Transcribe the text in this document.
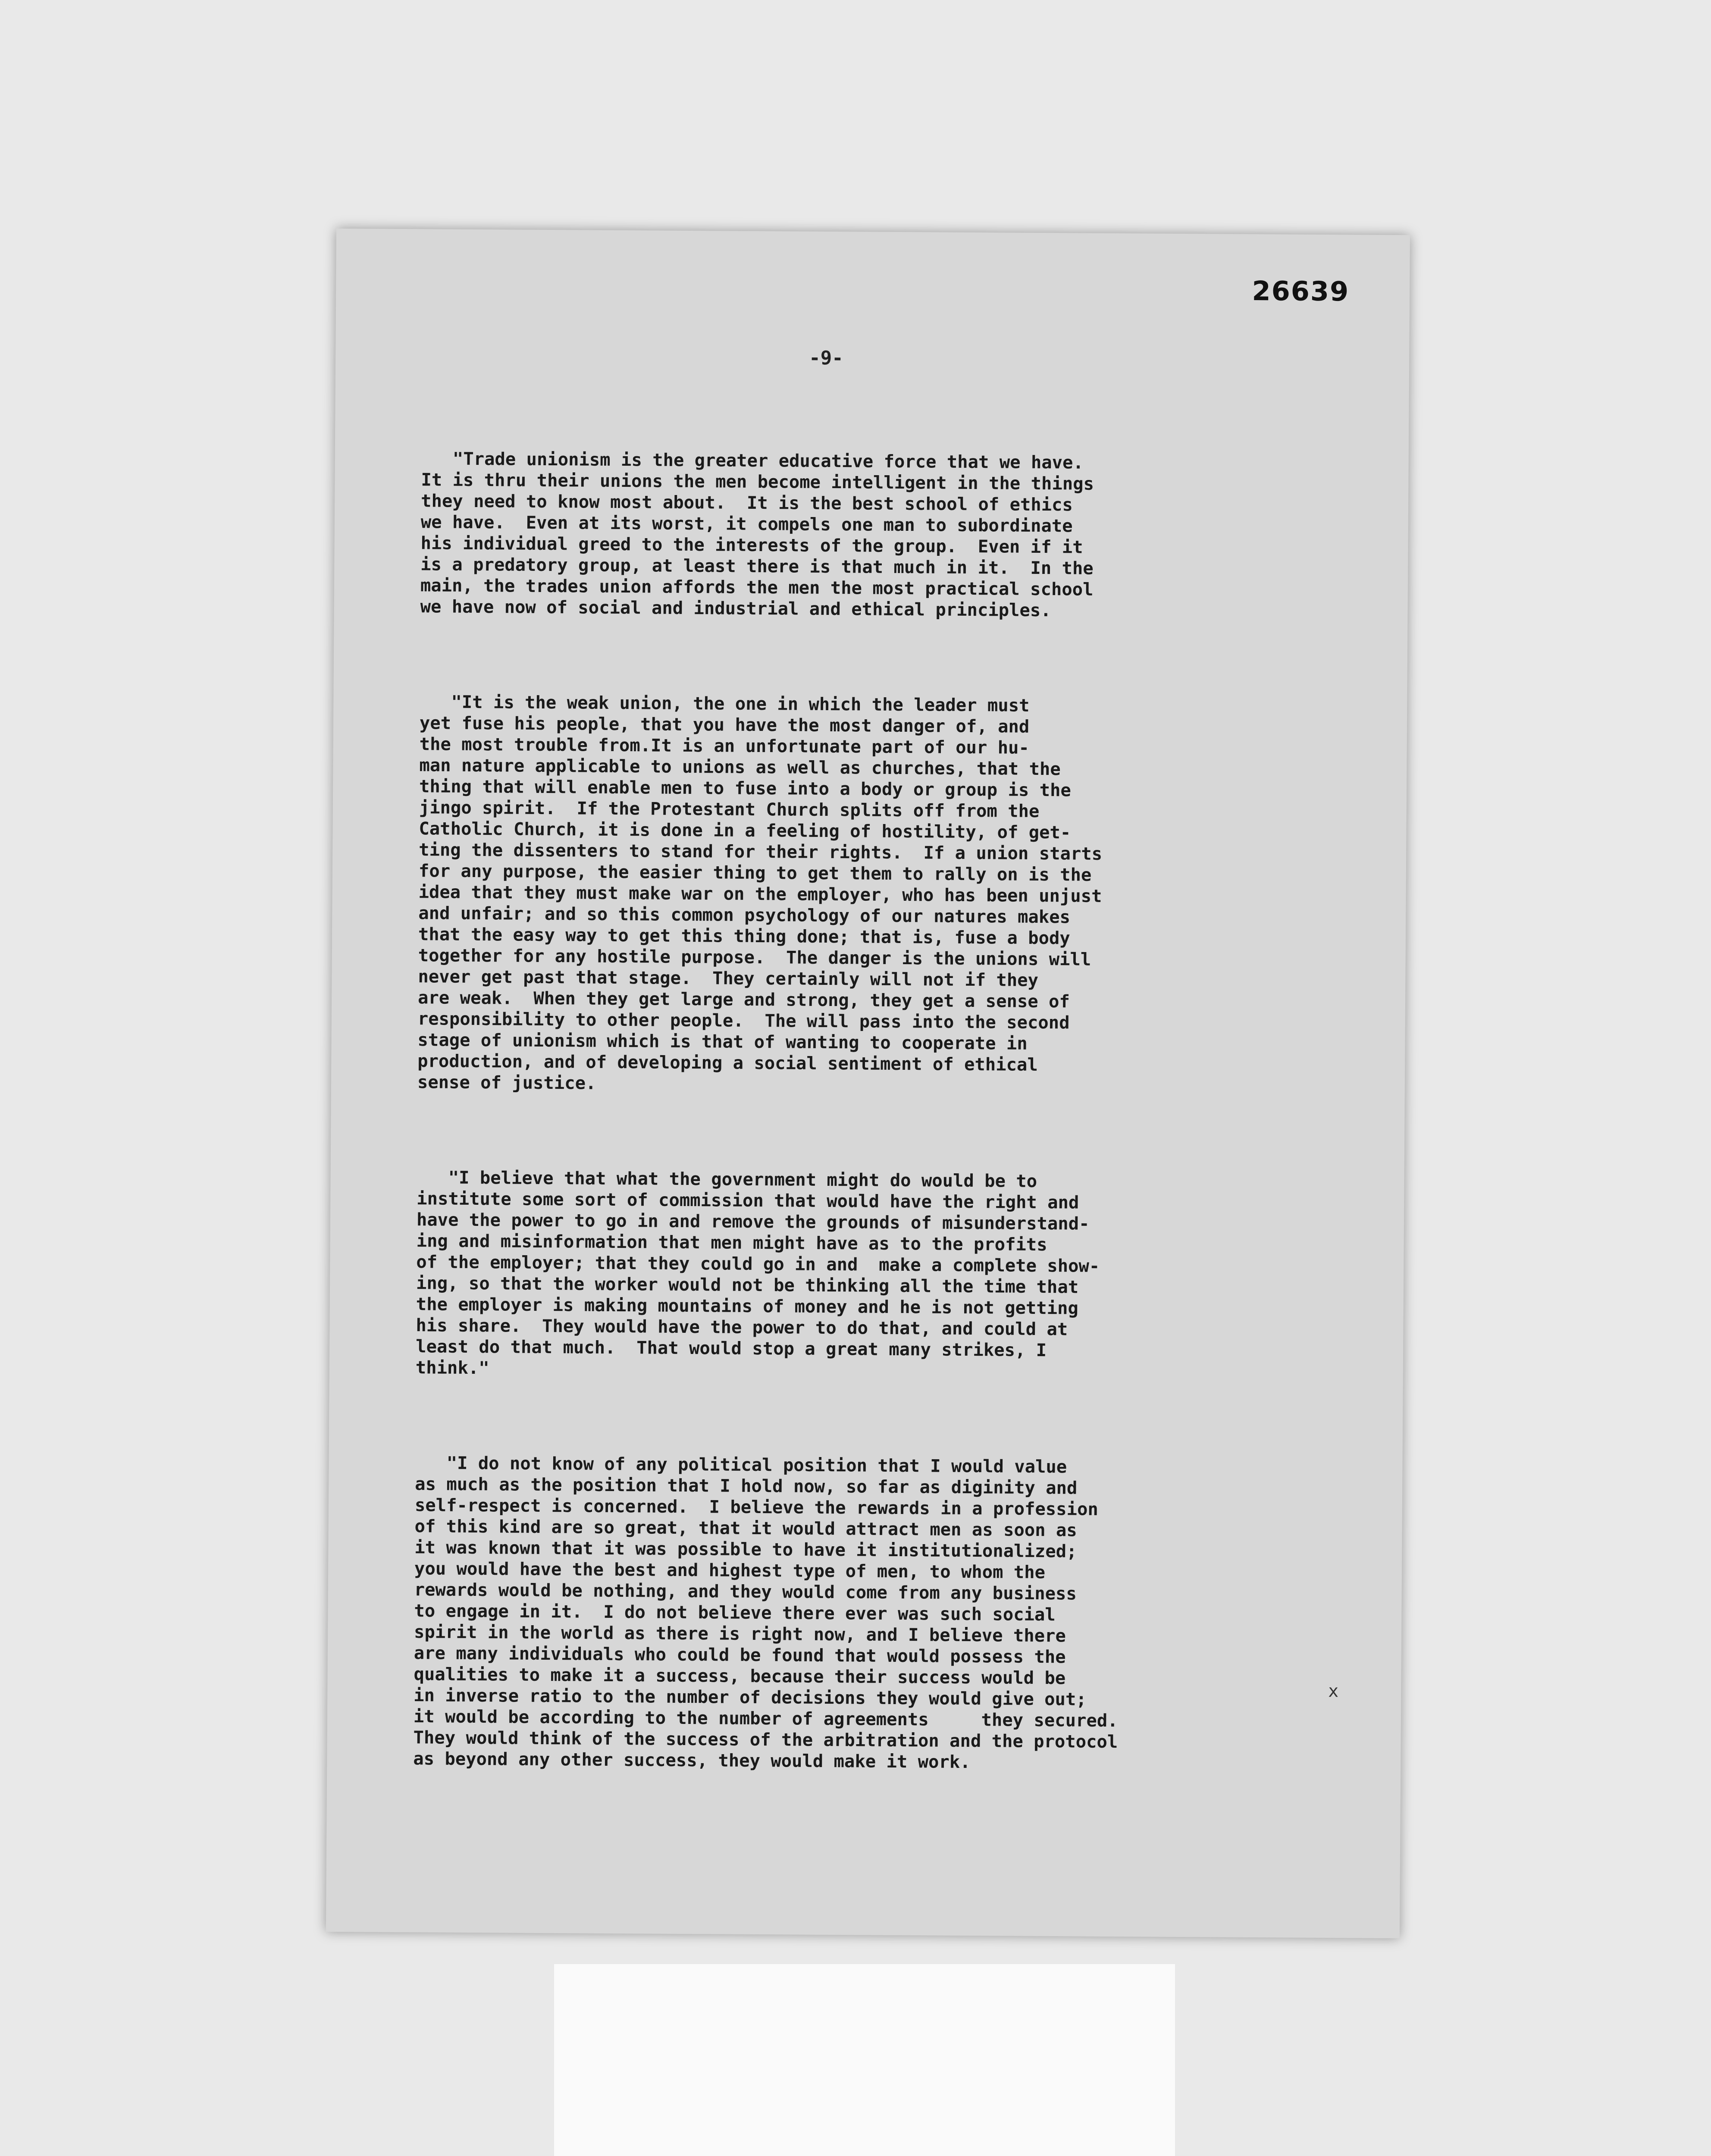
26639
-9-

"Trade unionism is the greater educative force that we have.
It is thru their unions the men become intelligent in the things
they need to know most about.  It is the best school of ethics
we have.  Even at its worst, it compels one man to subordinate
his individual greed to the interests of the group.  Even if it
is a predatory group, at least there is that much in it.  In the
main, the trades union affords the men the most practical school
we have now of social and industrial and ethical principles.

"It is the weak union, the one in which the leader must
yet fuse his people, that you have the most danger of, and
the most trouble from.It is an unfortunate part of our hu-
man nature applicable to unions as well as churches, that the
thing that will enable men to fuse into a body or group is the
jingo spirit.  If the Protestant Church splits off from the
Catholic Church, it is done in a feeling of hostility, of get-
ting the dissenters to stand for their rights.  If a union starts
for any purpose, the easier thing to get them to rally on is the
idea that they must make war on the employer, who has been unjust
and unfair; and so this common psychology of our natures makes
that the easy way to get this thing done; that is, fuse a body
together for any hostile purpose.  The danger is the unions will
never get past that stage.  They certainly will not if they
are weak.  When they get large and strong, they get a sense of
responsibility to other people.  The will pass into the second
stage of unionism which is that of wanting to cooperate in
production, and of developing a social sentiment of ethical
sense of justice.

"I believe that what the government might do would be to
institute some sort of commission that would have the right and
have the power to go in and remove the grounds of misunderstand-
ing and misinformation that men might have as to the profits
of the employer; that they could go in and  make a complete show-
ing, so that the worker would not be thinking all the time that
the employer is making mountains of money and he is not getting
his share.  They would have the power to do that, and could at
least do that much.  That would stop a great many strikes, I
think."

"I do not know of any political position that I would value
as much as the position that I hold now, so far as diginity and
self-respect is concerned.  I believe the rewards in a profession
of this kind are so great, that it would attract men as soon as
it was known that it was possible to have it institutionalized;
you would have the best and highest type of men, to whom the
rewards would be nothing, and they would come from any business
to engage in it.  I do not believe there ever was such social
spirit in the world as there is right now, and I believe there
are many individuals who could be found that would possess the
qualities to make it a success, because their success would be
in inverse ratio to the number of decisions they would give out;
it would be according to the number of agreements     they secured.
They would think of the success of the arbitration and the protocol
as beyond any other success, they would make it work.

x
